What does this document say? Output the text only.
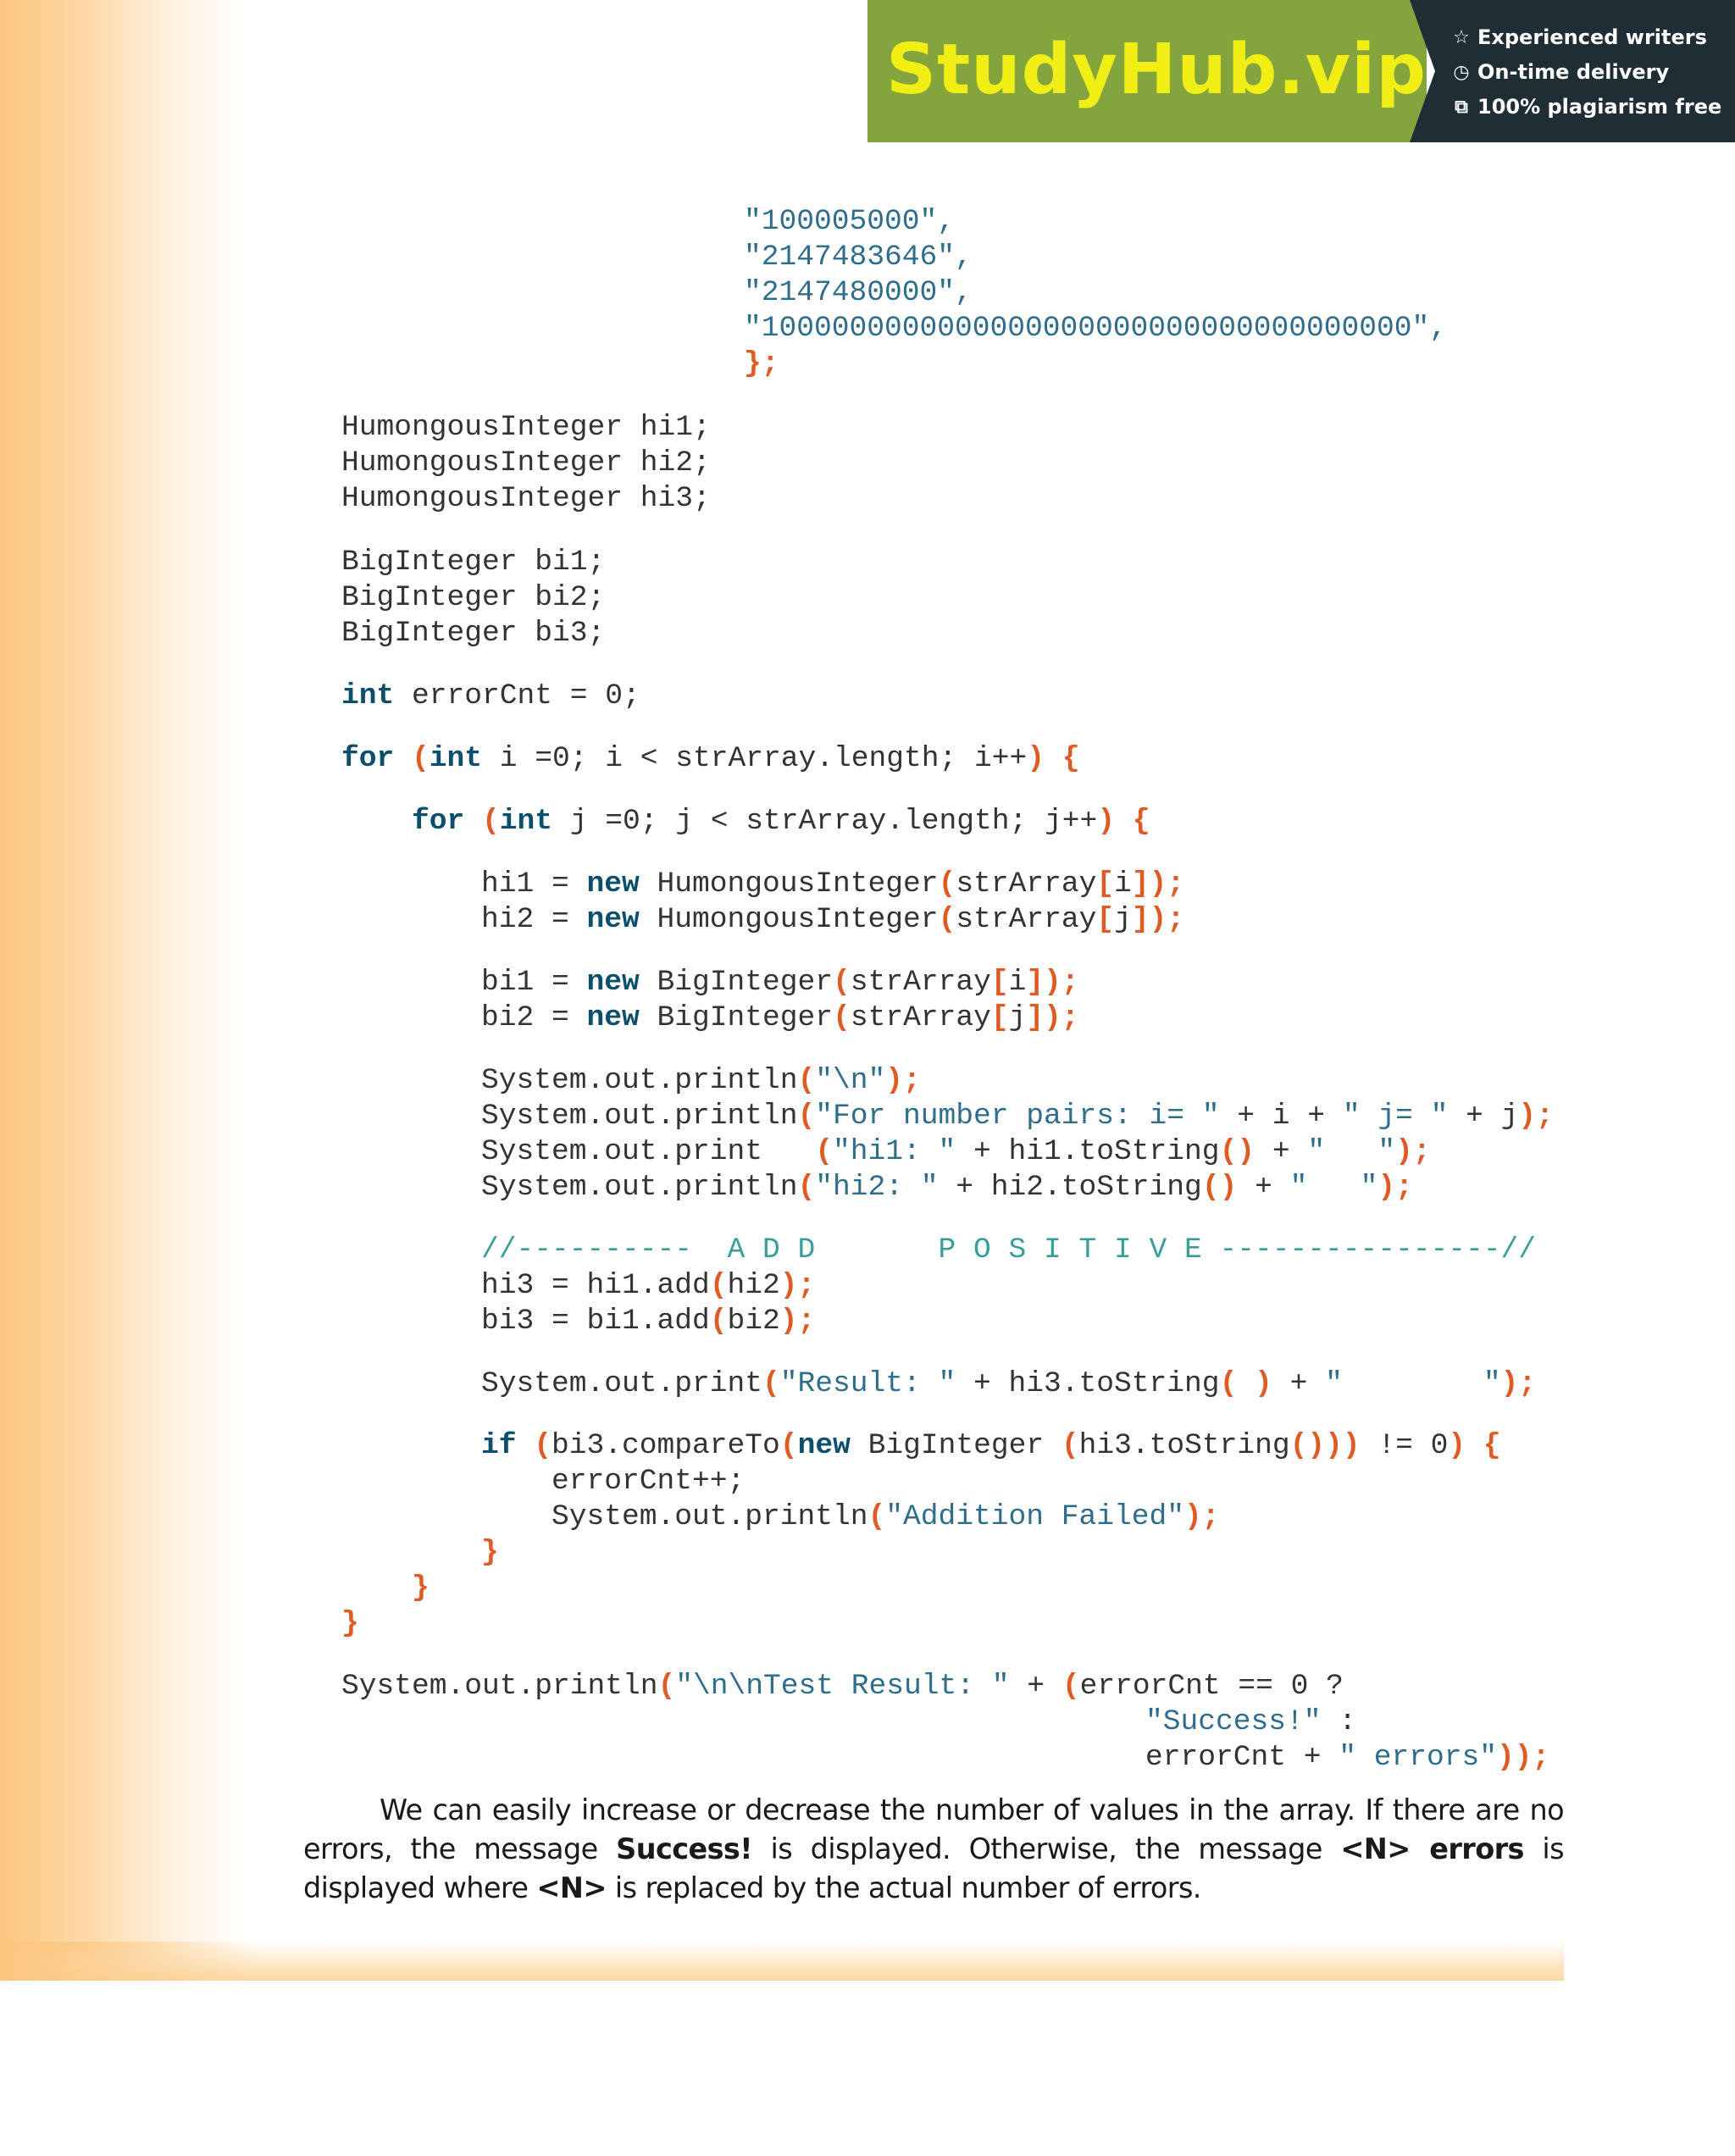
StudyHub.vip ☆ Experienced writers
◷ On-time delivery
⧉ 100% plagiarism free

"100005000",

"2147483646",

"2147480000",

"1000000000000000000000000000000000000",

};

HumongousInteger hi1;

HumongousInteger hi2;

HumongousInteger hi3;

BigInteger bi1;

BigInteger bi2;

BigInteger bi3;

int errorCnt = 0;

for (int i =0; i < strArray.length; i++) {

for (int j =0; j < strArray.length; j++) {

hi1 = new HumongousInteger(strArray[i]);

hi2 = new HumongousInteger(strArray[j]);

bi1 = new BigInteger(strArray[i]);

bi2 = new BigInteger(strArray[j]);

System.out.println("\n");

System.out.println("For number pairs: i= " + i + " j= " + j);

System.out.print   ("hi1: " + hi1.toString() + "   ");

System.out.println("hi2: " + hi2.toString() + "   ");

//----------  A D D       P O S I T I V E ----------------//

hi3 = hi1.add(hi2);

bi3 = bi1.add(bi2);

System.out.print("Result: " + hi3.toString( ) + "        ");

if (bi3.compareTo(new BigInteger (hi3.toString())) != 0) {

errorCnt++;

System.out.println("Addition Failed");

}

}

}

System.out.println("\n\nTest Result: " + (errorCnt == 0 ?

"Success!" :

errorCnt + " errors"));

We can easily increase or decrease the number of values in the array. If there are no errors, the message Success! is displayed. Otherwise, the message <N> errors is displayed where <N> is replaced by the actual number of errors.
